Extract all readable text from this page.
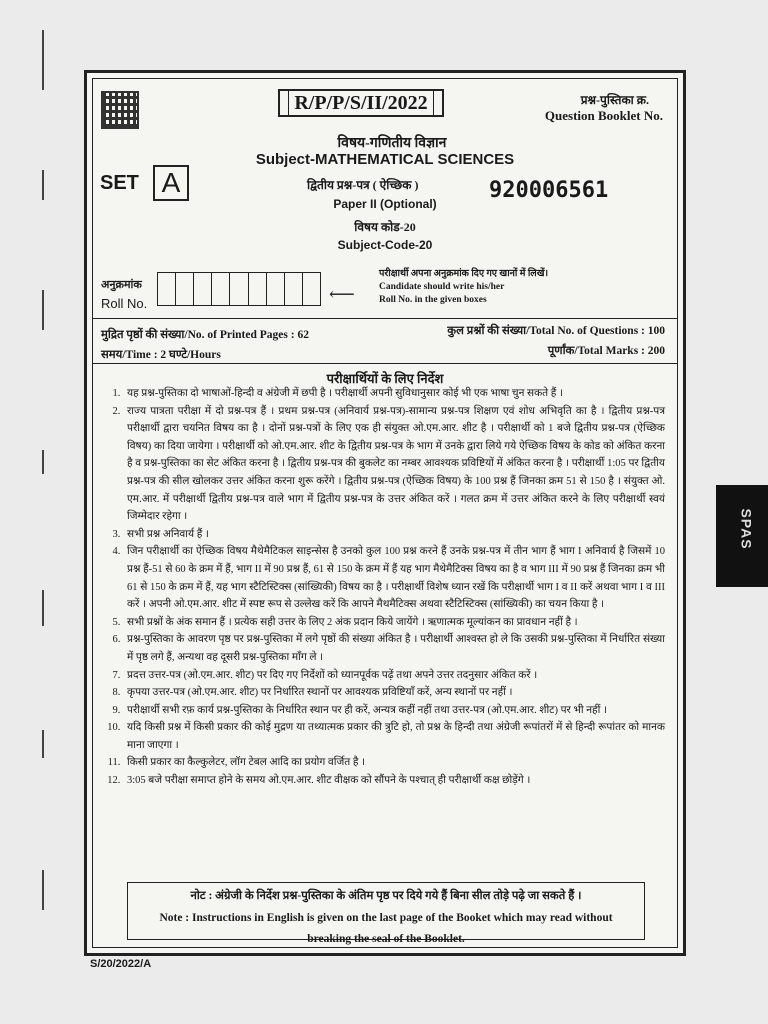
R/P/P/S/II/2022	प्रश्न-पुस्तिका क्र.
Question Booklet No.
विषय-गणितीय विज्ञान
Subject-MATHEMATICAL SCIENCES
SET A	द्वितीय प्रश्न-पत्र ( ऐच्छिक )	920006561
Paper II (Optional)
विषय कोड-20
Subject-Code-20
अनुक्रमांक
Roll No.	⟵
परीक्षार्थी अपना अनुक्रमांक दिए गए खानों में लिखें।
Candidate should write his/her
Roll No. in the given boxes
मुद्रित पृष्ठों की संख्या/No. of Printed Pages : 62
समय/Time : 2 घण्टे/Hours
कुल प्रश्नों की संख्या/Total No. of Questions : 100
पूर्णांक/Total Marks : 200
परीक्षार्थियों के लिए निर्देश
1. यह प्रश्न-पुस्तिका दो भाषाओं-हिन्दी व अंग्रेजी में छपी है । परीक्षार्थी अपनी सुविधानुसार कोई भी एक भाषा चुन सकते हैं ।
2. राज्य पात्रता परीक्षा में दो प्रश्न-पत्र हैं । प्रथम प्रश्न-पत्र (अनिवार्य प्रश्न-पत्र)-सामान्य प्रश्न-पत्र शिक्षण एवं शोध अभिवृति का है । द्वितीय प्रश्न-पत्र परीक्षार्थी द्वारा चयनित विषय का है । दोनों प्रश्न-पत्रों के लिए एक ही संयुक्त ओ.एम.आर. शीट है । परीक्षार्थी को 1 बजे द्वितीय प्रश्न-पत्र (ऐच्छिक विषय) का दिया जायेगा । परीक्षार्थी को ओ.एम.आर. शीट के द्वितीय प्रश्न-पत्र के भाग में उनके द्वारा लिये गये ऐच्छिक विषय के कोड को अंकित करना है व प्रश्न-पुस्तिका का सेट अंकित करना है । द्वितीय प्रश्न-पत्र की बुकलेट का नम्बर आवश्यक प्रविष्टियों में अंकित करना है । परीक्षार्थी 1:05 पर द्वितीय प्रश्न-पत्र की सील खोलकर उत्तर अंकित करना शुरू करेंगे । द्वितीय प्रश्न-पत्र (ऐच्छिक विषय) के 100 प्रश्न हैं जिनका क्रम 51 से 150 है । संयुक्त ओ. एम.आर. में परीक्षार्थी द्वितीय प्रश्न-पत्र वाले भाग में द्वितीय प्रश्न-पत्र के उत्तर अंकित करें । गलत क्रम में उत्तर अंकित करने के लिए परीक्षार्थी स्वयं जिम्मेदार रहेगा ।
3. सभी प्रश्न अनिवार्य हैं ।
4. जिन परीक्षार्थी का ऐच्छिक विषय मैथेमैटिकल साइन्सेस है उनको कुल 100 प्रश्न करने हैं उनके प्रश्न-पत्र में तीन भाग हैं भाग I अनिवार्य है जिसमें 10 प्रश्न हैं-51 से 60 के क्रम में हैं, भाग II में 90 प्रश्न हैं, 61 से 150 के क्रम में हैं यह भाग मैथेमैटिक्स विषय का है व भाग III में 90 प्रश्न हैं जिनका क्रम भी 61 से 150 के क्रम में हैं, यह भाग स्टैटिस्टिक्स (सांख्यिकी) विषय का है । परीक्षार्थी विशेष ध्यान रखें कि परीक्षार्थी भाग I व II करें अथवा भाग I व III करें । अपनी ओ.एम.आर. शीट में स्पष्ट रूप से उल्लेख करें कि आपने मैथमैटिक्स अथवा स्टैटिस्टिक्स (सांख्यिकी) का चयन किया है ।
5. सभी प्रश्नों के अंक समान हैं । प्रत्येक सही उत्तर के लिए 2 अंक प्रदान किये जायेंगे । ऋणात्मक मूल्यांकन का प्रावधान नहीं है ।
6. प्रश्न-पुस्तिका के आवरण पृष्ठ पर प्रश्न-पुस्तिका में लगे पृष्ठों की संख्या अंकित है । परीक्षार्थी आश्वस्त हो ले कि उसकी प्रश्न-पुस्तिका में निर्धारित संख्या में पृष्ठ लगे हैं, अन्यथा वह दूसरी प्रश्न-पुस्तिका माँग ले ।
7. प्रदत्त उत्तर-पत्र (ओ.एम.आर. शीट) पर दिए गए निर्देशों को ध्यानपूर्वक पढ़ें तथा अपने उत्तर तदनुसार अंकित करें ।
8. कृपया उत्तर-पत्र (ओ.एम.आर. शीट) पर निर्धारित स्थानों पर आवश्यक प्रविष्टियाँ करें, अन्य स्थानों पर नहीं ।
9. परीक्षार्थी सभी रफ़ कार्य प्रश्न-पुस्तिका के निर्धारित स्थान पर ही करें, अन्यत्र कहीं नहीं तथा उत्तर-पत्र (ओ.एम.आर. शीट) पर भी नहीं ।
10. यदि किसी प्रश्न में किसी प्रकार की कोई मुद्रण या तथ्यात्मक प्रकार की त्रुटि हो, तो प्रश्न के हिन्दी तथा अंग्रेजी रूपांतरों में से हिन्दी रूपांतर को मानक माना जाएगा ।
11. किसी प्रकार का कैल्कुलेटर, लॉग टेबल आदि का प्रयोग वर्जित है ।
12. 3:05 बजे परीक्षा समाप्त होने के समय ओ.एम.आर. शीट वीक्षक को सौंपने के पश्चात् ही परीक्षार्थी कक्ष छोड़ेंगे ।
नोट : अंग्रेजी के निर्देश प्रश्न-पुस्तिका के अंतिम पृष्ठ पर दिये गये हैं बिना सील तोड़े पढ़े जा सकते हैं ।
Note : Instructions in English is given on the last page of the Booket which may read without breaking the seal of the Booklet.
S/20/2022/A
SPAS
